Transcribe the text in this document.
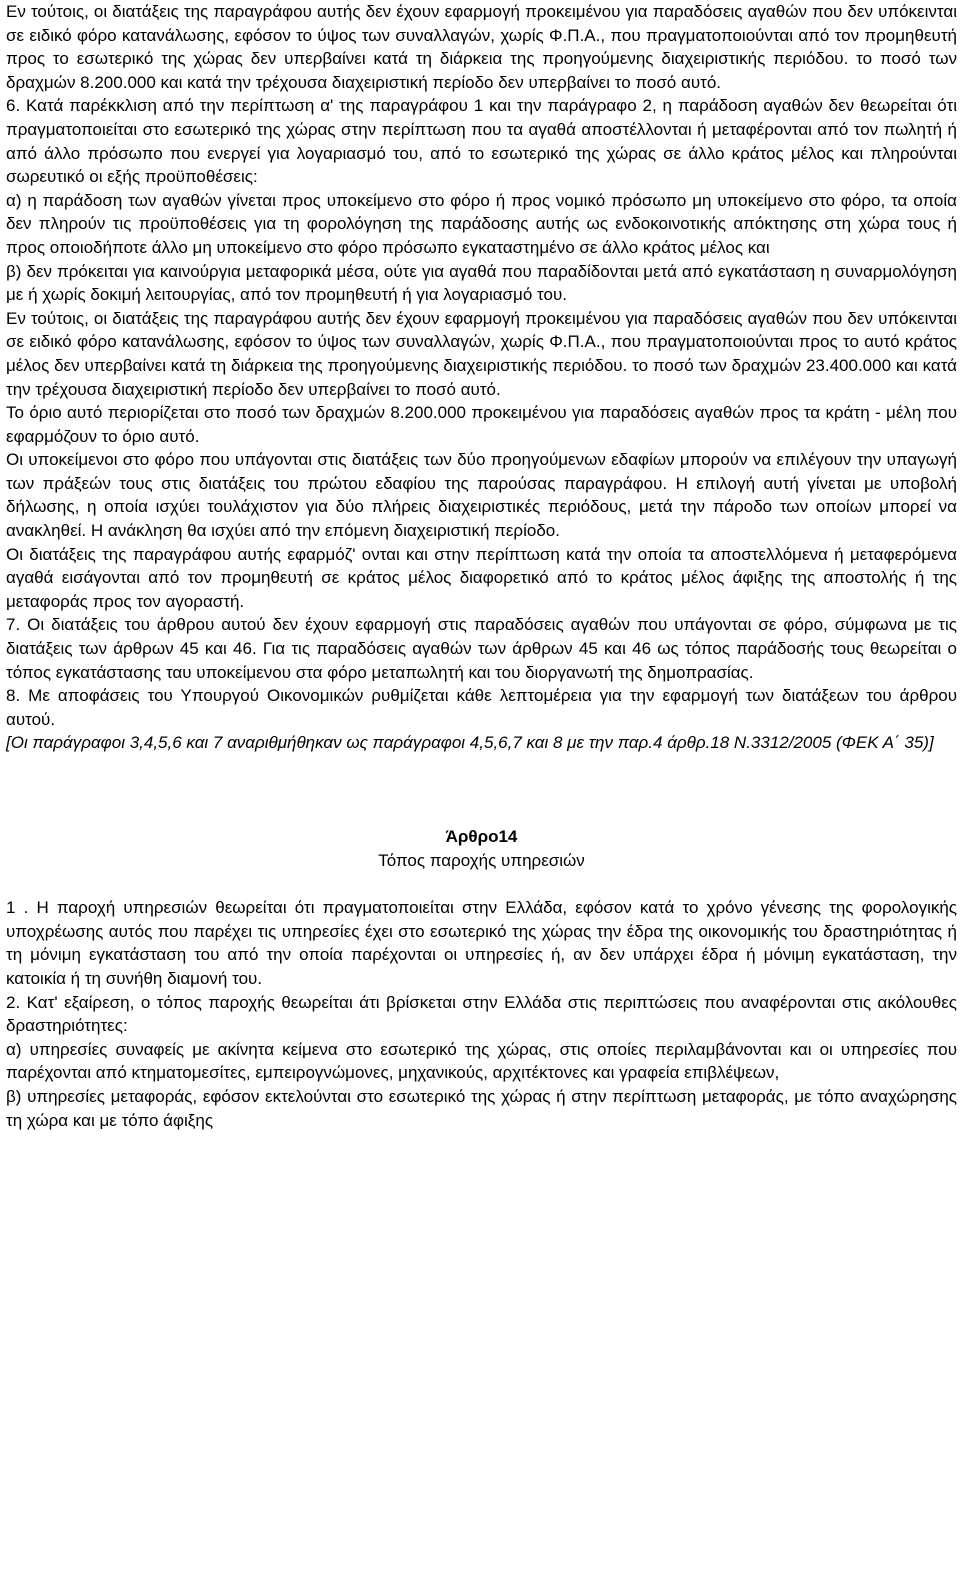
Εν τούτοις, οι διατάξεις της παραγράφου αυτής δεν έχουν εφαρμογή προκειμένου για παραδόσεις αγαθών που δεν υπόκεινται σε ειδικό φόρο κατανάλωσης, εφόσον το ύψος των συναλλαγών, χωρίς Φ.Π.Α., που πραγματοποιούνται από τον προμηθευτή προς το εσωτερικό της χώρας δεν υπερβαίνει κατά τη διάρκεια της προηγούμενης διαχειριστικής περιόδου. το ποσό των δραχμών 8.200.000 και κατά την τρέχουσα διαχειριστική περίοδο δεν υπερβαίνει το ποσό αυτό.

6. Κατά παρέκκλιση από την περίπτωση α' της παραγράφου 1 και την παράγραφο 2, η παράδοση αγαθών δεν θεωρείται ότι πραγματοποιείται στο εσωτερικό της χώρας στην περίπτωση που τα αγαθά αποστέλλονται ή μεταφέρονται από τον πωλητή ή από άλλο πρόσωπο που ενεργεί για λογαριασμό του, από το εσωτερικό της χώρας σε άλλο κράτος μέλος και πληρούνται σωρευτικό οι εξής προϋποθέσεις:

α) η παράδοση των αγαθών γίνεται προς υποκείμενο στο φόρο ή προς νομικό πρόσωπο μη υποκείμενο στο φόρο, τα οποία δεν πληρούν τις προϋποθέσεις για τη φορολόγηση της παράδοσης αυτής ως ενδοκοινοτικής απόκτησης στη χώρα τους ή προς οποιοδήποτε άλλο μη υποκείμενο στο φόρο πρόσωπο εγκαταστημένο σε άλλο κράτος μέλος και

β) δεν πρόκειται για καινούργια μεταφορικά μέσα, ούτε για αγαθά που παραδίδονται μετά από εγκατάσταση η συναρμολόγηση με ή χωρίς δοκιμή λειτουργίας, από τον προμηθευτή ή για λογαριασμό του.

Εν τούτοις, οι διατάξεις της παραγράφου αυτής δεν έχουν εφαρμογή προκειμένου για παραδόσεις αγαθών που δεν υπόκεινται σε ειδικό φόρο κατανάλωσης, εφόσον το ύψος των συναλλαγών, χωρίς Φ.Π.Α., που πραγματοποιούνται προς το αυτό κράτος μέλος δεν υπερβαίνει κατά τη διάρκεια της προηγούμενης διαχειριστικής περιόδου. το ποσό των δραχμών 23.400.000 και κατά την τρέχουσα διαχειριστική περίοδο δεν υπερβαίνει το ποσό αυτό.

Το όριο αυτό περιορίζεται στο ποσό των δραχμών 8.200.000 προκειμένου για παραδόσεις αγαθών προς τα κράτη - μέλη που εφαρμόζουν το όριο αυτό.

Οι υποκείμενοι στο φόρο που υπάγονται στις διατάξεις των δύο προηγούμενων εδαφίων μπορούν να επιλέγουν την υπαγωγή των πράξεών τους στις διατάξεις του πρώτου εδαφίου της παρούσας παραγράφου. Η επιλογή αυτή γίνεται με υποβολή δήλωσης, η οποία ισχύει τουλάχιστον για δύο πλήρεις διαχειριστικές περιόδους, μετά την πάροδο των οποίων μπορεί να ανακληθεί. Η ανάκληση θα ισχύει από την επόμενη διαχειριστική περίοδο.

Οι διατάξεις της παραγράφου αυτής εφαρμόζ' ονται και στην περίπτωση κατά την οποία τα αποστελλόμενα ή μεταφερόμενα αγαθά εισάγονται από τον προμηθευτή σε κράτος μέλος διαφορετικό από το κράτος μέλος άφιξης της αποστολής ή της μεταφοράς προς τον αγοραστή.

7. Οι διατάξεις του άρθρου αυτού δεν έχουν εφαρμογή στις παραδόσεις αγαθών που υπάγονται σε φόρο, σύμφωνα με τις διατάξεις των άρθρων 45 και 46. Για τις παραδόσεις αγαθών των άρθρων 45 και 46 ως τόπος παράδοσής τους θεωρείται ο τόπος εγκατάστασης ταυ υποκείμενου στα φόρο μεταπωλητή και του διοργανωτή της δημοπρασίας.

8. Με αποφάσεις του Υπουργού Οικονομικών ρυθμίζεται κάθε λεπτομέρεια για την εφαρμογή των διατάξεων του άρθρου αυτού.

[Οι παράγραφοι 3,4,5,6 και 7 αναριθμήθηκαν ως παράγραφοι 4,5,6,7 και 8 με την παρ.4 άρθρ.18 Ν.3312/2005 (ΦΕΚ Α΄ 35)]

Άρθρο14

Τόπος παροχής υπηρεσιών

1 . Η παροχή υπηρεσιών θεωρείται ότι πραγματοποιείται στην Ελλάδα, εφόσον κατά το χρόνο γένεσης της φορολογικής υποχρέωσης αυτός που παρέχει τις υπηρεσίες έχει στο εσωτερικό της χώρας την έδρα της οικονομικής του δραστηριότητας ή τη μόνιμη εγκατάσταση του από την οποία παρέχονται οι υπηρεσίες ή, αν δεν υπάρχει έδρα ή μόνιμη εγκατάσταση, την κατοικία ή τη συνήθη διαμονή του.

2. Κατ' εξαίρεση, ο τόπος παροχής θεωρείται άτι βρίσκεται στην Ελλάδα στις περιπτώσεις που αναφέρονται στις ακόλουθες δραστηριότητες:

α) υπηρεσίες συναφείς με ακίνητα κείμενα στο εσωτερικό της χώρας, στις οποίες περιλαμβάνονται και οι υπηρεσίες που παρέχονται από κτηματομεσίτες, εμπειρογνώμονες, μηχανικούς, αρχιτέκτονες και γραφεία επιβλέψεων,

β) υπηρεσίες μεταφοράς, εφόσον εκτελούνται στο εσωτερικό της χώρας ή στην περίπτωση μεταφοράς, με τόπο αναχώρησης τη χώρα και με τόπο άφιξης
